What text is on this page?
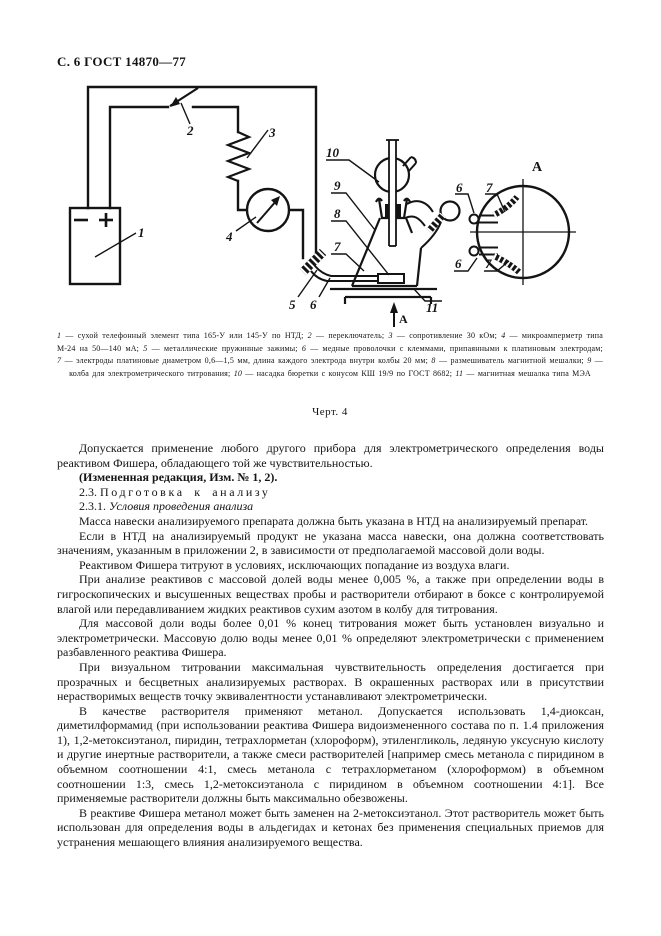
С. 6 ГОСТ 14870—77
А
А
1
2	3
4
5 6
7
8
9
10
11
6 7
6 7
1 — сухой телефонный элемент типа 165-У или 145-У по НТД; 2 — переключатель; 3 — сопротивление 30 кОм; 4 — микроамперметр типа М-24 на 50—140 мА; 5 — металлические пружинные зажимы; 6 — медные проволочки с клеммами, припаянными к платиновым электродам; 7 — электроды платиновые диаметром 0,6—1,5 мм, длина каждого электрода внутри колбы 20 мм; 8 — размешиватель магнитной мешалки; 9 — колба для электрометрического титрования; 10 — насадка бюретки с конусом КШ 19/9 по ГОСТ 8682; 11 — магнитная мешалка типа МЭА
Черт. 4

Допускается применение любого другого прибора для электрометрического определения воды реактивом Фишера, обладающего той же чувствительностью.

(Измененная редакция, Изм. № 1, 2).

2.3. Подготовка к анализу

2.3.1. Условия проведения анализа

Масса навески анализируемого препарата должна быть указана в НТД на анализируемый препарат.

Если в НТД на анализируемый продукт не указана масса навески, она должна соответствовать значениям, указанным в приложении 2, в зависимости от предполагаемой массовой доли воды.

Реактивом Фишера титруют в условиях, исключающих попадание из воздуха влаги.

При анализе реактивов с массовой долей воды менее 0,005 %, а также при определении воды в гигроскопических и высушенных веществах пробы и растворители отбирают в боксе с контролируемой влагой или передавливанием жидких реактивов сухим азотом в колбу для титрования.

Для массовой доли воды более 0,01 % конец титрования может быть установлен визуально и электрометрически. Массовую долю воды менее 0,01 % определяют электрометрически с применением разбавленного реактива Фишера.

При визуальном титровании максимальная чувствительность определения достигается при прозрачных и бесцветных анализируемых растворах. В окрашенных растворах или в присутствии нерастворимых веществ точку эквивалентности устанавливают электрометрически.

В качестве растворителя применяют метанол. Допускается использовать 1,4-диоксан, диметилформамид (при использовании реактива Фишера видоизмененного состава по п. 1.4 приложения 1), 1,2-метоксиэтанол, пиридин, тетрахлорметан (хлороформ), этиленгликоль, ледяную уксусную кислоту и другие инертные растворители, а также смеси растворителей [например смесь метанола с пиридином в объемном соотношении 4:1, смесь метанола с тетрахлорметаном (хлороформом) в объемном соотношении 1:3, смесь 1,2-метоксиэтанола с пиридином в объемном соотношении 4:1]. Все применяемые растворители должны быть максимально обезвожены.

В реактиве Фишера метанол может быть заменен на 2-метоксиэтанол. Этот растворитель может быть использован для определения воды в альдегидах и кетонах без применения специальных приемов для устранения мешающего влияния анализируемого вещества.
